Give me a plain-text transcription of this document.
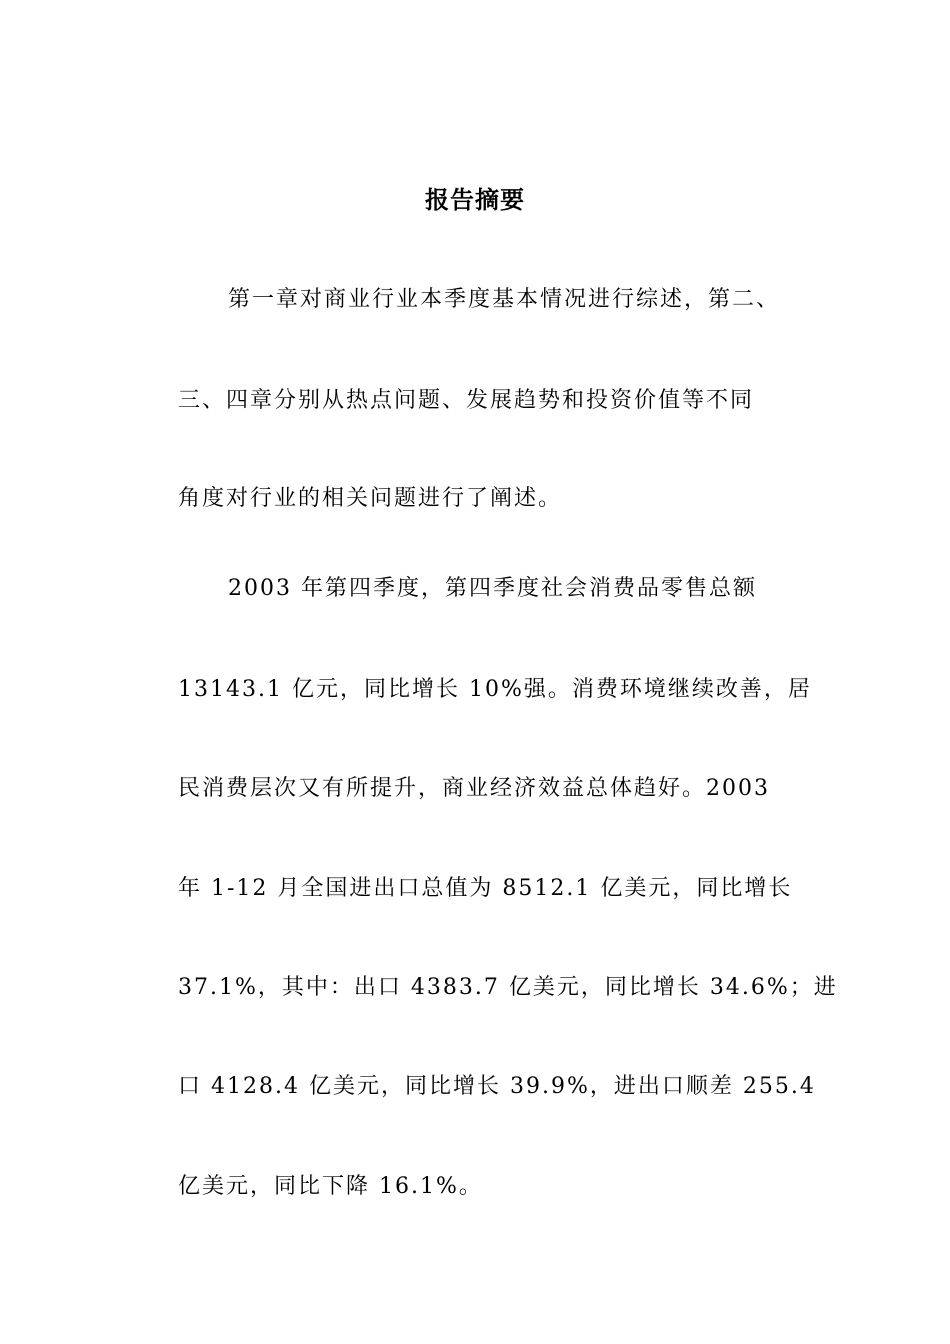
报告摘要
第一章对商业行业本季度基本情况进行综述，第二、
三、四章分别从热点问题、发展趋势和投资价值等不同
角度对行业的相关问题进行了阐述。
2003 年第四季度，第四季度社会消费品零售总额
13143.1 亿元，同比增长 10%强。消费环境继续改善，居
民消费层次又有所提升，商业经济效益总体趋好。2003
年 1-12 月全国进出口总值为 8512.1 亿美元，同比增长
37.1%，其中：出口 4383.7 亿美元，同比增长 34.6%；进
口 4128.4 亿美元，同比增长 39.9%，进出口顺差 255.4
亿美元，同比下降 16.1%。
